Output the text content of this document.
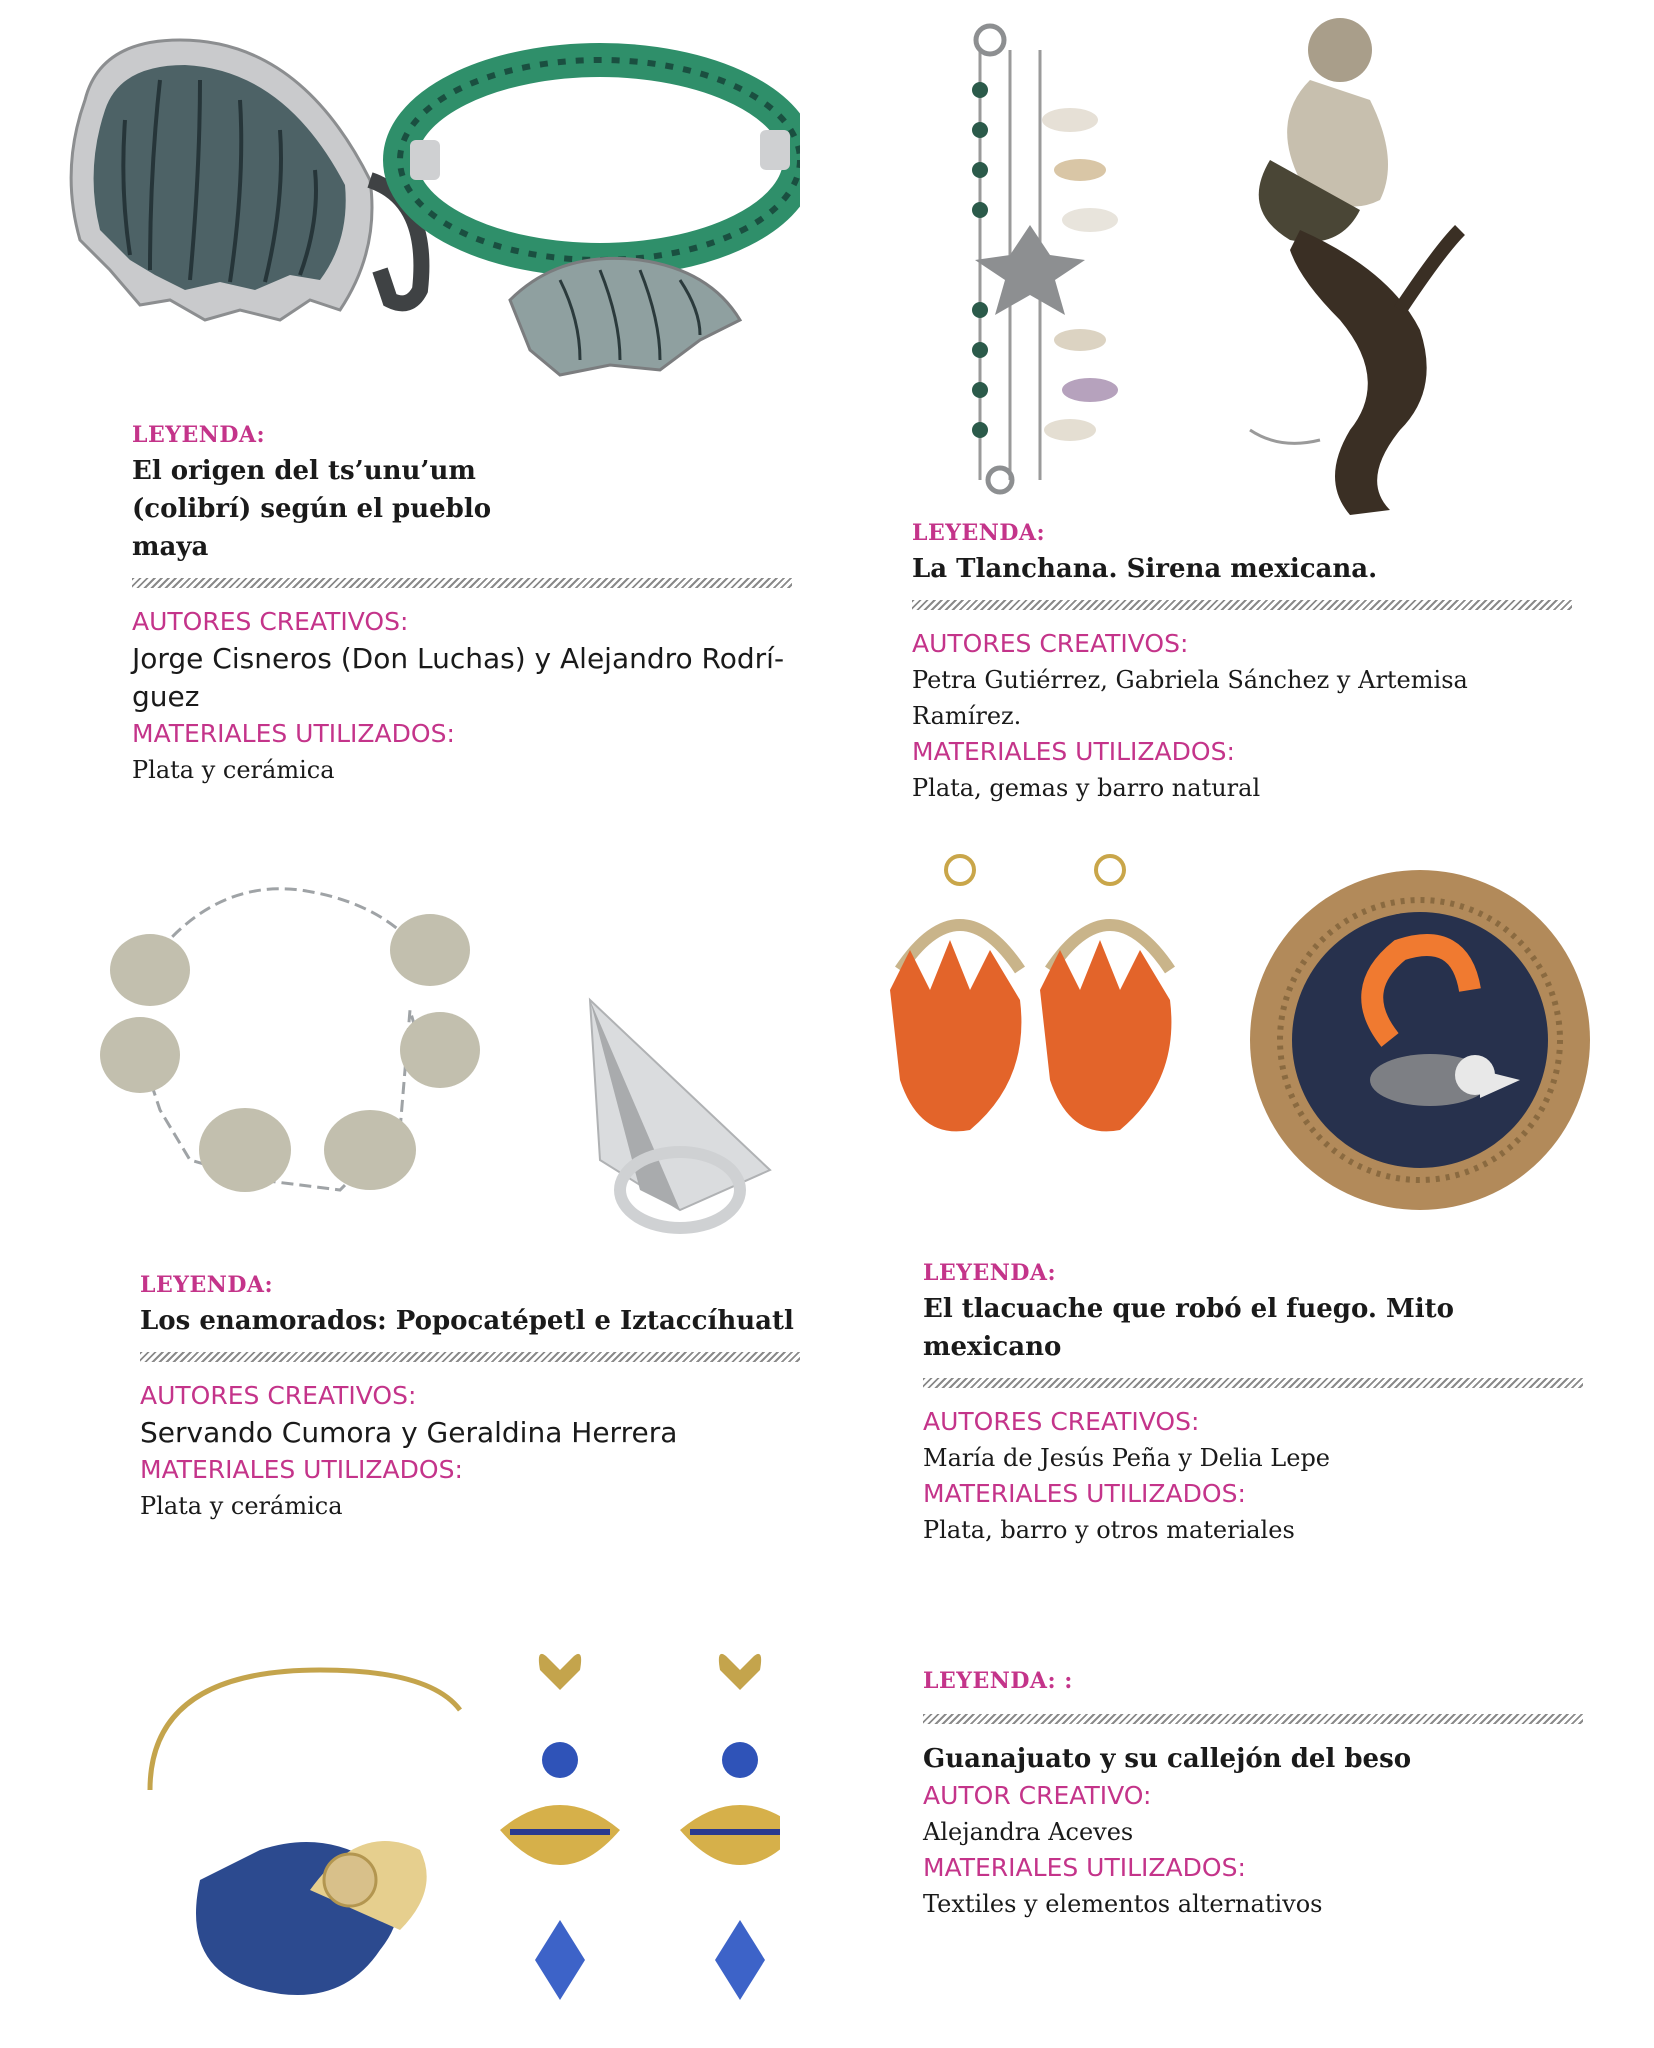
LEYENDA:

El origen del ts’unu’um (colibrí) según el pueblo maya

AUTORES CREATIVOS:

Jorge Cisneros (Don Luchas) y Alejandro Rodrí-guez

MATERIALES UTILIZADOS:

Plata y cerámica

LEYENDA:

La Tlanchana. Sirena mexicana.

AUTORES CREATIVOS:

Petra Gutiérrez, Gabriela Sánchez y Artemisa Ramírez.

MATERIALES UTILIZADOS:

Plata, gemas y barro natural

LEYENDA:

Los enamorados: Popocatépetl e Iztaccíhuatl

AUTORES CREATIVOS:

Servando Cumora y Geraldina Herrera

MATERIALES UTILIZADOS:

Plata y cerámica

LEYENDA:

El tlacuache que robó el fuego. Mito mexicano

AUTORES CREATIVOS:

María de Jesús Peña y Delia Lepe

MATERIALES UTILIZADOS:

Plata, barro y otros materiales

LEYENDA: :

Guanajuato y su callejón del beso

AUTOR CREATIVO:

Alejandra Aceves

MATERIALES UTILIZADOS:

Textiles y elementos alternativos
